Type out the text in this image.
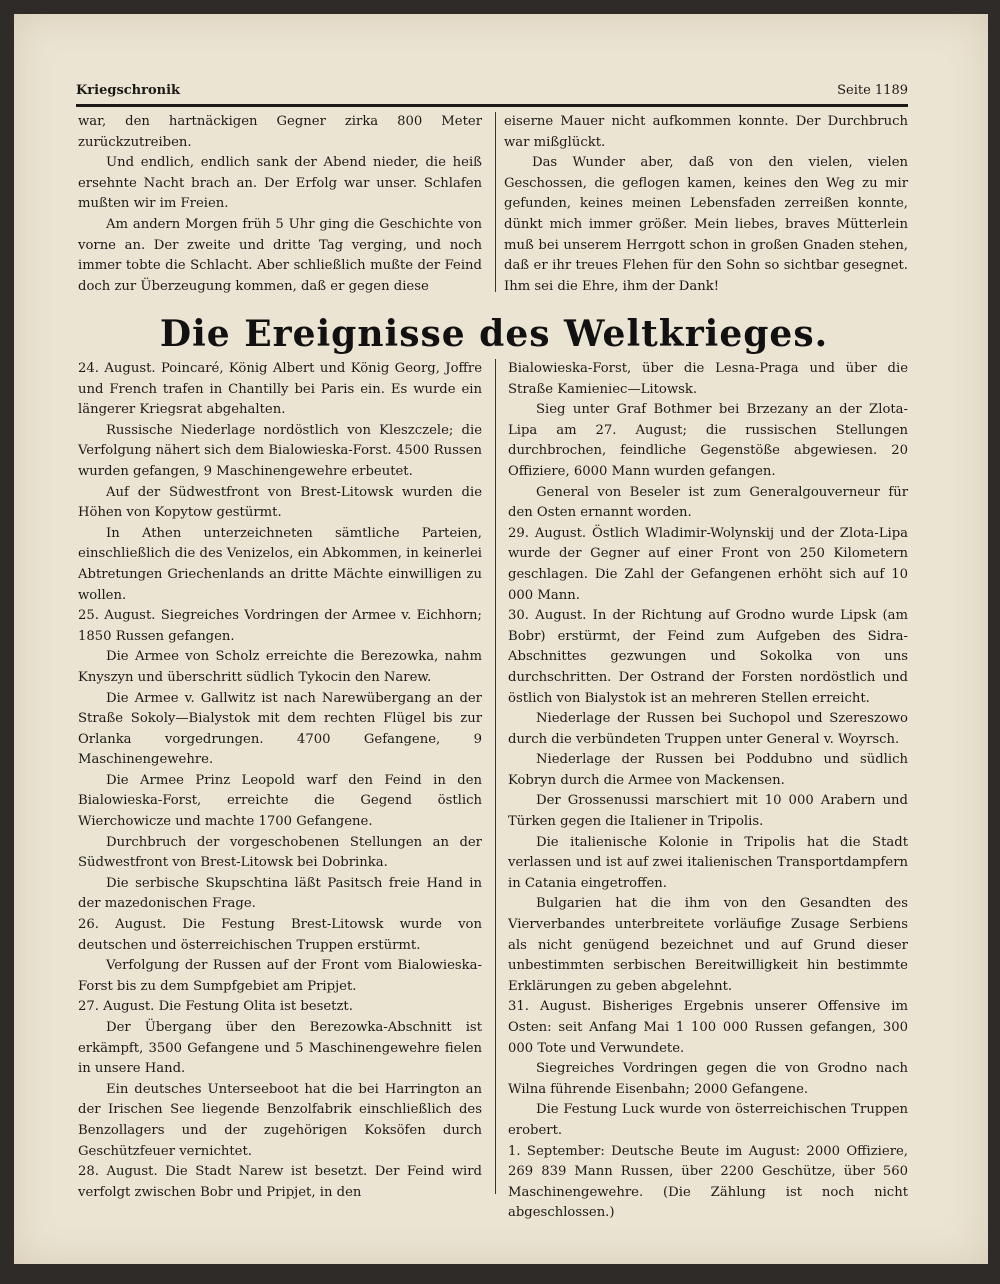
Kriegschronik	Seite 1189

war, den hartnäckigen Gegner zirka 800 Meter zurückzutreiben.

Und endlich, endlich sank der Abend nieder, die heiß ersehnte Nacht brach an. Der Erfolg war unser. Schlafen mußten wir im Freien.

Am andern Morgen früh 5 Uhr ging die Geschichte von vorne an. Der zweite und dritte Tag verging, und noch immer tobte die Schlacht. Aber schließlich mußte der Feind doch zur Überzeugung kommen, daß er gegen diese

eiserne Mauer nicht aufkommen konnte. Der Durchbruch war mißglückt.

Das Wunder aber, daß von den vielen, vielen Geschossen, die geflogen kamen, keines den Weg zu mir gefunden, keines meinen Lebensfaden zerreißen konnte, dünkt mich immer größer. Mein liebes, braves Mütterlein muß bei unserem Herrgott schon in großen Gnaden stehen, daß er ihr treues Flehen für den Sohn so sichtbar gesegnet. Ihm sei die Ehre, ihm der Dank!

Die Ereignisse des Weltkrieges.

24. August. Poincaré, König Albert und König Georg, Joffre und French trafen in Chantilly bei Paris ein. Es wurde ein längerer Kriegsrat abgehalten.

Russische Niederlage nordöstlich von Kleszczele; die Verfolgung nähert sich dem Bialowieska-Forst. 4500 Russen wurden gefangen, 9 Maschinengewehre erbeutet.

Auf der Südwestfront von Brest-Litowsk wurden die Höhen von Kopytow gestürmt.

In Athen unterzeichneten sämtliche Parteien, einschließlich die des Venizelos, ein Abkommen, in keinerlei Abtretungen Griechenlands an dritte Mächte einwilligen zu wollen.

25. August. Siegreiches Vordringen der Armee v. Eichhorn; 1850 Russen gefangen.

Die Armee von Scholz erreichte die Berezowka, nahm Knyszyn und überschritt südlich Tykocin den Narew.

Die Armee v. Gallwitz ist nach Narewübergang an der Straße Sokoly—Bialystok mit dem rechten Flügel bis zur Orlanka vorgedrungen. 4700 Gefangene, 9 Maschinengewehre.

Die Armee Prinz Leopold warf den Feind in den Bialowieska-Forst, erreichte die Gegend östlich Wierchowicze und machte 1700 Gefangene.

Durchbruch der vorgeschobenen Stellungen an der Südwestfront von Brest-Litowsk bei Dobrinka.

Die serbische Skupschtina läßt Pasitsch freie Hand in der mazedonischen Frage.

26. August. Die Festung Brest-Litowsk wurde von deutschen und österreichischen Truppen erstürmt.

Verfolgung der Russen auf der Front vom Bialowieska-Forst bis zu dem Sumpfgebiet am Pripjet.

27. August. Die Festung Olita ist besetzt.

Der Übergang über den Berezowka-Abschnitt ist erkämpft, 3500 Gefangene und 5 Maschinengewehre fielen in unsere Hand.

Ein deutsches Unterseeboot hat die bei Harrington an der Irischen See liegende Benzolfabrik einschließlich des Benzollagers und der zugehörigen Koksöfen durch Geschützfeuer vernichtet.

28. August. Die Stadt Narew ist besetzt. Der Feind wird verfolgt zwischen Bobr und Pripjet, in den

Bialowieska-Forst, über die Lesna-Praga und über die Straße Kamieniec—Litowsk.

Sieg unter Graf Bothmer bei Brzezany an der Zlota-Lipa am 27. August; die russischen Stellungen durchbrochen, feindliche Gegenstöße abgewiesen. 20 Offiziere, 6000 Mann wurden gefangen.

General von Beseler ist zum Generalgouverneur für den Osten ernannt worden.

29. August. Östlich Wladimir-Wolynskij und der Zlota-Lipa wurde der Gegner auf einer Front von 250 Kilometern geschlagen. Die Zahl der Gefangenen erhöht sich auf 10 000 Mann.

30. August. In der Richtung auf Grodno wurde Lipsk (am Bobr) erstürmt, der Feind zum Aufgeben des Sidra-Abschnittes gezwungen und Sokolka von uns durchschritten. Der Ostrand der Forsten nordöstlich und östlich von Bialystok ist an mehreren Stellen erreicht.

Niederlage der Russen bei Suchopol und Szereszowo durch die verbündeten Truppen unter General v. Woyrsch.

Niederlage der Russen bei Poddubno und südlich Kobryn durch die Armee von Mackensen.

Der Grossenussi marschiert mit 10 000 Arabern und Türken gegen die Italiener in Tripolis.

Die italienische Kolonie in Tripolis hat die Stadt verlassen und ist auf zwei italienischen Transportdampfern in Catania eingetroffen.

Bulgarien hat die ihm von den Gesandten des Vierverbandes unterbreitete vorläufige Zusage Serbiens als nicht genügend bezeichnet und auf Grund dieser unbestimmten serbischen Bereitwilligkeit hin bestimmte Erklärungen zu geben abgelehnt.

31. August. Bisheriges Ergebnis unserer Offensive im Osten: seit Anfang Mai 1 100 000 Russen gefangen, 300 000 Tote und Verwundete.

Siegreiches Vordringen gegen die von Grodno nach Wilna führende Eisenbahn; 2000 Gefangene.

Die Festung Luck wurde von österreichischen Truppen erobert.

1. September: Deutsche Beute im August: 2000 Offiziere, 269 839 Mann Russen, über 2200 Geschütze, über 560 Maschinengewehre. (Die Zählung ist noch nicht abgeschlossen.)
